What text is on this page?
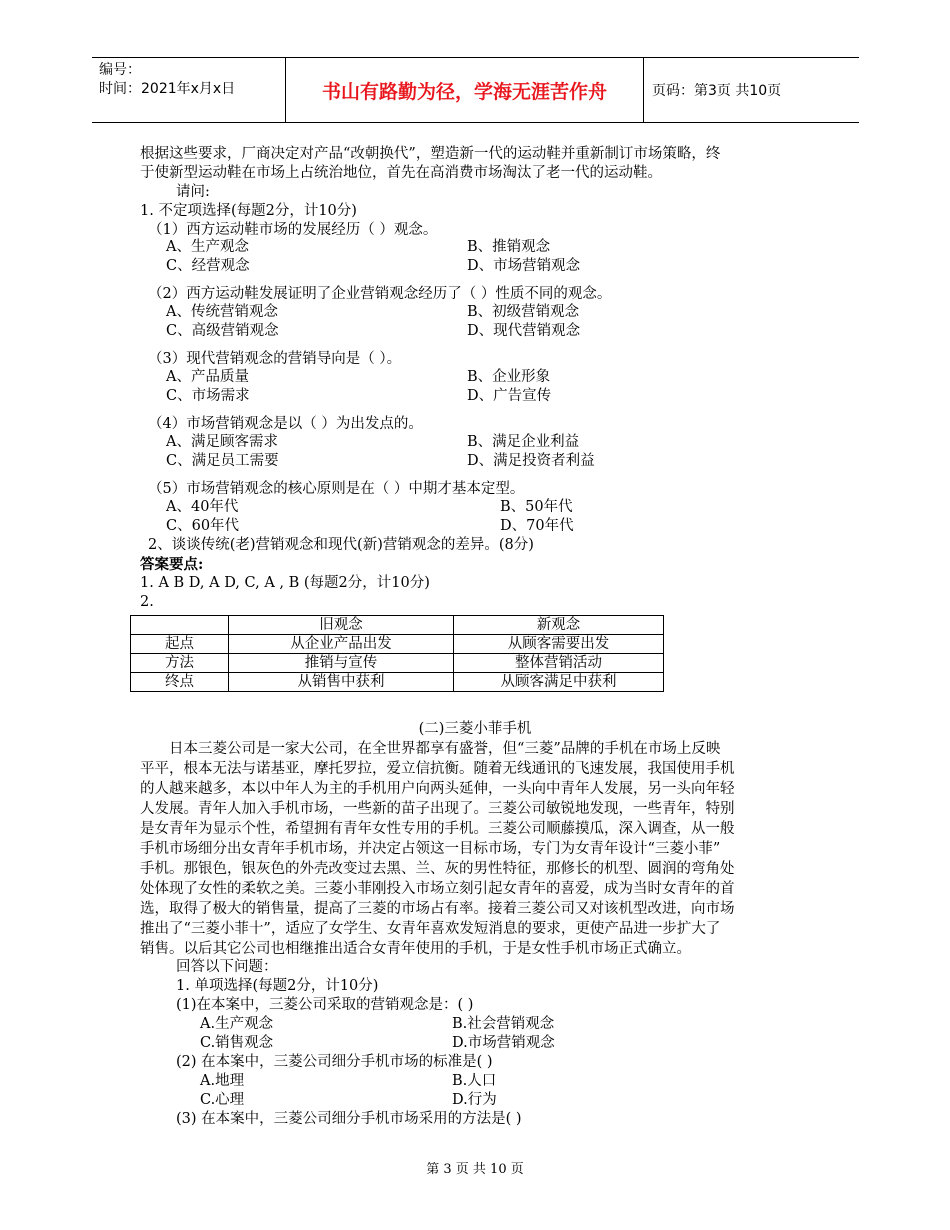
编号：
时间：2021年x月x日	书山有路勤为径，学海无涯苦作舟	页码：第3页 共10页
根据这些要求，厂商决定对产品“改朝换代”，塑造新一代的运动鞋并重新制订市场策略，终
于使新型运动鞋在市场上占统治地位，首先在高消费市场淘汰了老一代的运动鞋。
请问:
1. 不定项选择(每题2分，计10分)
（1）西方运动鞋市场的发展经历（ ）观念。
A、生产观念	B、推销观念
C、经营观念	D、市场营销观念
（2）西方运动鞋发展证明了企业营销观念经历了（ ）性质不同的观念。
A、传统营销观念	B、初级营销观念
C、高级营销观念	D、现代营销观念
（3）现代营销观念的营销导向是（ ）。
A、产品质量	B、企业形象
C、市场需求	D、广告宣传
（4）市场营销观念是以（ ）为出发点的。
A、满足顾客需求	B、满足企业利益
C、满足员工需要	D、满足投资者利益
（5）市场营销观念的核心原则是在（ ）中期才基本定型。
A、40年代	B、50年代
C、60年代	D、70年代
2、谈谈传统(老)营销观念和现代(新)营销观念的差异。(8分)
答案要点:
1. A B D, A D, C, A , B (每题2分，计10分)
2.
	旧观念	新观念
起点	从企业产品出发	从顾客需要出发
方法	推销与宣传	整体营销活动
终点	从销售中获利	从顾客满足中获利
(二)三菱小菲手机
　　日本三菱公司是一家大公司，在全世界都享有盛誉，但“三菱”品牌的手机在市场上反映
平平，根本无法与诺基亚，摩托罗拉，爱立信抗衡。随着无线通讯的飞速发展，我国使用手机
的人越来越多，本以中年人为主的手机用户向两头延伸，一头向中青年人发展，另一头向年轻
人发展。青年人加入手机市场，一些新的苗子出现了。三菱公司敏锐地发现，一些青年，特别
是女青年为显示个性，希望拥有青年女性专用的手机。三菱公司顺藤摸瓜，深入调查，从一般
手机市场细分出女青年手机市场，并决定占领这一目标市场，专门为女青年设计“三菱小菲”
手机。那银色，银灰色的外壳改变过去黑、兰、灰的男性特征，那修长的机型、圆润的弯角处
处体现了女性的柔软之美。三菱小菲刚投入市场立刻引起女青年的喜爱，成为当时女青年的首
选，取得了极大的销售量，提高了三菱的市场占有率。接着三菱公司又对该机型改进，向市场
推出了“三菱小菲十”，适应了女学生、女青年喜欢发短消息的要求，更使产品进一步扩大了
销售。以后其它公司也相继推出适合女青年使用的手机，于是女性手机市场正式确立。
回答以下问题：
1. 单项选择(每题2分，计10分)
(1)在本案中，三菱公司采取的营销观念是：( )
A.生产观念	B.社会营销观念
C.销售观念	D.市场营销观念
(2) 在本案中，三菱公司细分手机市场的标准是( )
A.地理	B.人口
C.心理	D.行为
(3) 在本案中，三菱公司细分手机市场采用的方法是( )
第 3 页 共 10 页
